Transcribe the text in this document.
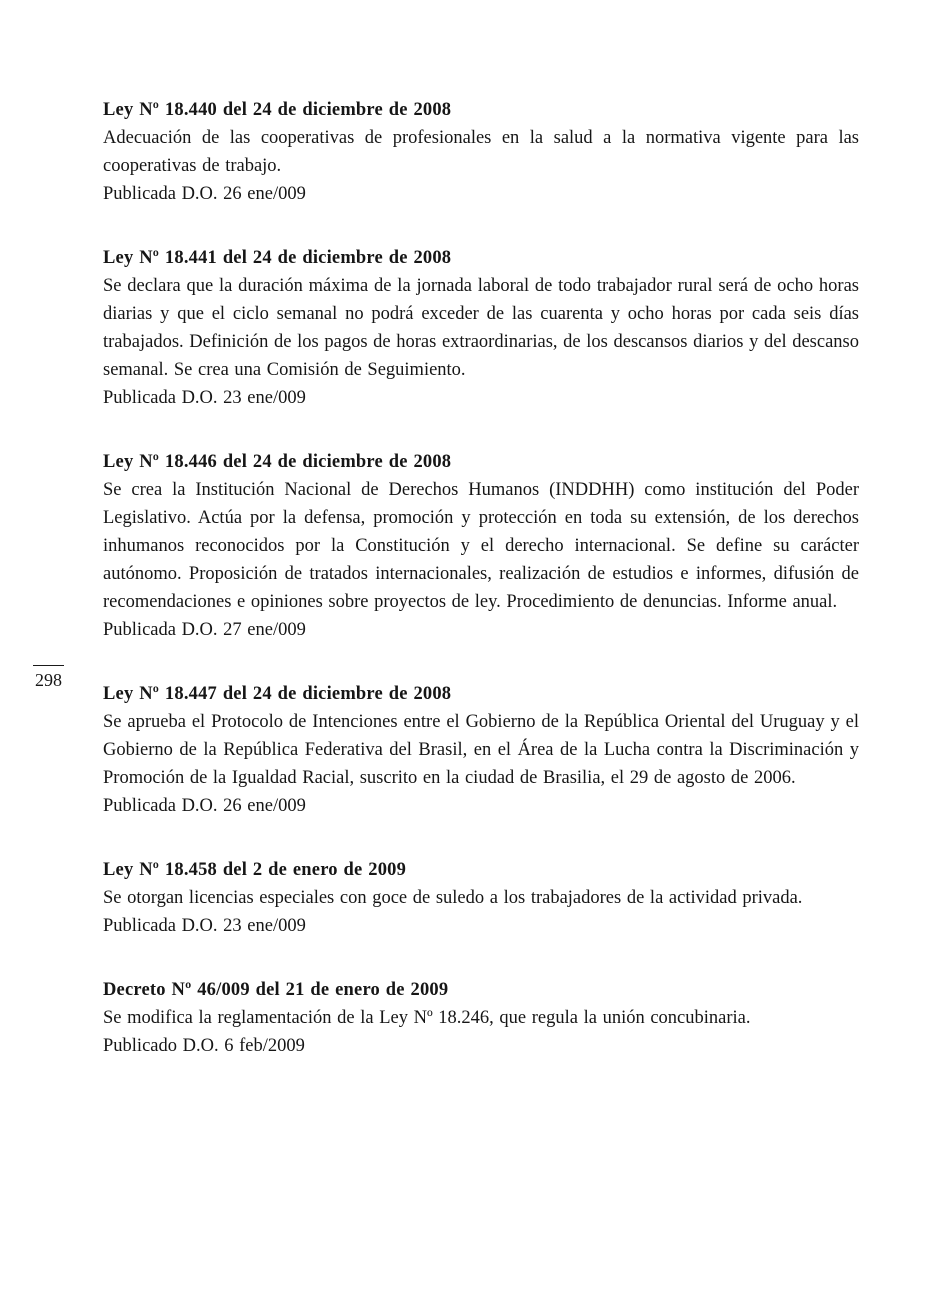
Ley Nº 18.440 del 24 de diciembre de 2008

Adecuación de las cooperativas de profesionales en la salud a la normativa vigente para las cooperativas de trabajo.

Publicada D.O. 26 ene/009

Ley Nº 18.441 del 24 de diciembre de 2008

Se declara que la duración máxima de la jornada laboral de todo trabajador rural será de ocho horas diarias y que el ciclo semanal no podrá exceder de las cuarenta y ocho horas por cada seis días trabajados. Definición de los pagos de horas extraordinarias, de los descansos diarios y del descanso semanal. Se crea una Comisión de Seguimiento.

Publicada D.O. 23 ene/009

Ley Nº 18.446 del 24 de diciembre de 2008

Se crea la Institución Nacional de Derechos Humanos (INDDHH) como institución del Poder Legislativo. Actúa por la defensa, promoción y protección en toda su extensión, de los derechos inhumanos reconocidos por la Constitución y el derecho internacional. Se define su carácter autónomo. Proposición de tratados internacionales, realización de estudios e informes, difusión de recomendaciones e opiniones sobre proyectos de ley. Procedimiento de denuncias. Informe anual.

Publicada D.O. 27 ene/009

298
Ley Nº 18.447 del 24 de diciembre de 2008

Se aprueba el Protocolo de Intenciones entre el Gobierno de la República Oriental del Uruguay y el Gobierno de la República Federativa del Brasil, en el Área de la Lucha contra la Discriminación y Promoción de la Igualdad Racial, suscrito en la ciudad de Brasilia, el 29 de agosto de 2006.

Publicada D.O. 26 ene/009

Ley Nº 18.458 del 2 de enero de 2009

Se otorgan licencias especiales con goce de suledo a los trabajadores de la actividad privada.

Publicada D.O. 23 ene/009

Decreto Nº 46/009 del 21 de enero de 2009

Se modifica la reglamentación de la Ley Nº 18.246, que regula la unión concubinaria.

Publicado D.O. 6 feb/2009
